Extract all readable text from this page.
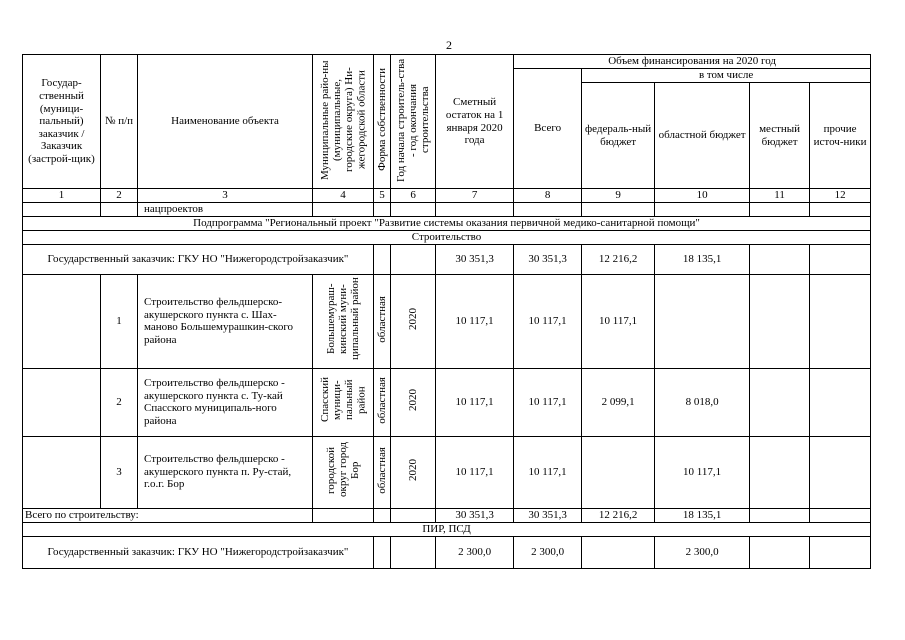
2
Государ-ственный (муници-пальный) заказчик / Заказчик (застрой-щик)	№ п/п	Наименование объекта	Муниципальные райо-ны (муниципальные, городские округа) Ни-жегородской области	Форма собственности	Год начала строитель-ства - год окончания строительства	Сметный остаток на 1 января 2020 года	Объем финансирования на 2020 год				
							Всего	в том числе			
								федераль-ный бюджет	областной бюджет	местный бюджет	прочие источ-ники
1	2	3	4	5	6	7	8	9	10	11	12
		нацпроектов									
Подпрограмма "Региональный проект "Развитие системы оказания первичной медико-санитарной помощи"											
Строительство											
Государственный заказчик: ГКУ НО "Нижегородстройзаказчик"						30 351,3	30 351,3	12 216,2	18 135,1		
	1	Строительство фельдшерско-акушерского пункта с. Шах-маново Большемурашкин-ского района	Большемураш-кинский муни-ципальный район	областная	2020	10 117,1	10 117,1	10 117,1			
	2	Строительство фельдшерско - акушерского пункта с. Ту-кай Спасского муниципаль-ного района	Спасский муници-пальный район	областная	2020	10 117,1	10 117,1	2 099,1	8 018,0		
	3	Строительство фельдшерско - акушерского пункта п. Ру-стай, г.о.г. Бор	городской округ город Бор	областная	2020	10 117,1	10 117,1		10 117,1		
Всего по строительству:						30 351,3	30 351,3	12 216,2	18 135,1		
ПИР, ПСД											
Государственный заказчик: ГКУ НО "Нижегородстройзаказчик"						2 300,0	2 300,0		2 300,0		
